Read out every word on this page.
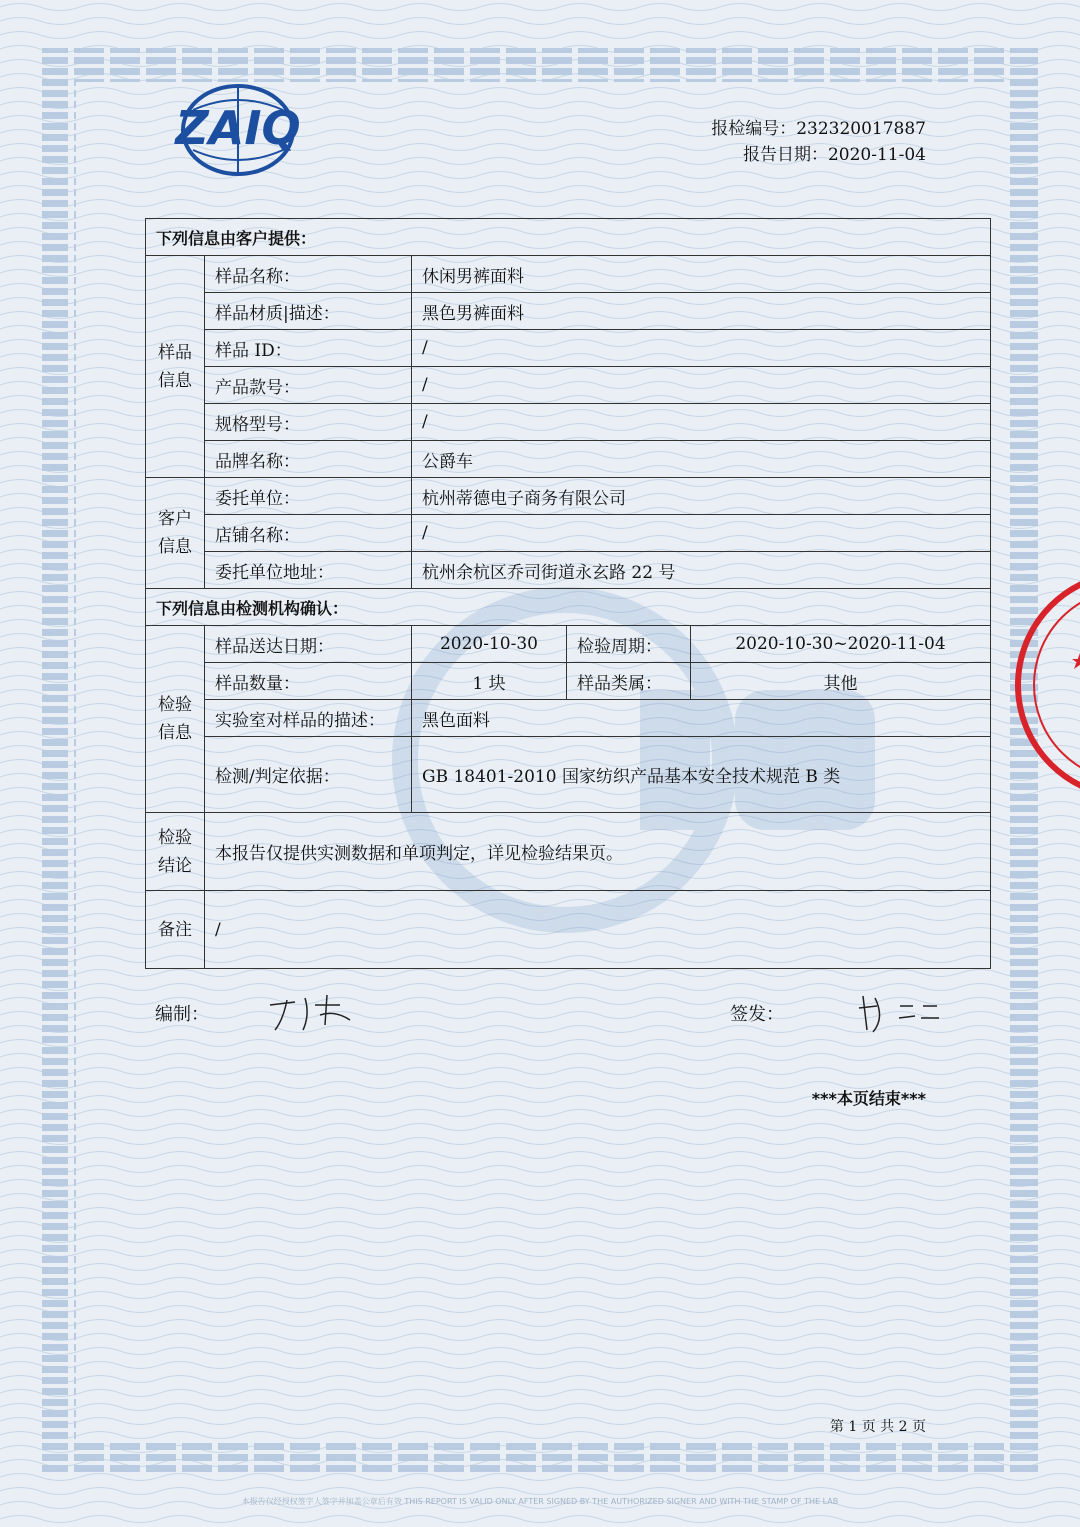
ZAIQ	报检编号：232320017887
报告日期：2020-11-04
下列信息由客户提供：				
样品信息	样品名称：	休闲男裤面料		
	样品材质|描述：	黑色男裤面料		
	样品 ID：	/		
	产品款号：	/		
	规格型号：	/		
	品牌名称：	公爵车		
客户信息	委托单位：	杭州蒂德电子商务有限公司		
	店铺名称：	/		
	委托单位地址：	杭州余杭区乔司街道永玄路 22 号		
下列信息由检测机构确认：				
检验信息	样品送达日期：	2020-10-30	检验周期：	2020-10-30~2020-11-04
	样品数量：	1 块	样品类属：	其他
	实验室对样品的描述：	黑色面料		
	检测/判定依据：	GB 18401-2010 国家纺织产品基本安全技术规范 B 类		
检验结论	本报告仅提供实测数据和单项判定，详见检验结果页。			
备注	/			
编制：	签发：
***本页结束***
第 1 页 共 2 页
本报告仅经授权签字人签字并加盖公章后有效 THIS REPORT IS VALID ONLY AFTER SIGNED BY THE AUTHORIZED SIGNER AND WITH THE STAMP OF THE LAB
